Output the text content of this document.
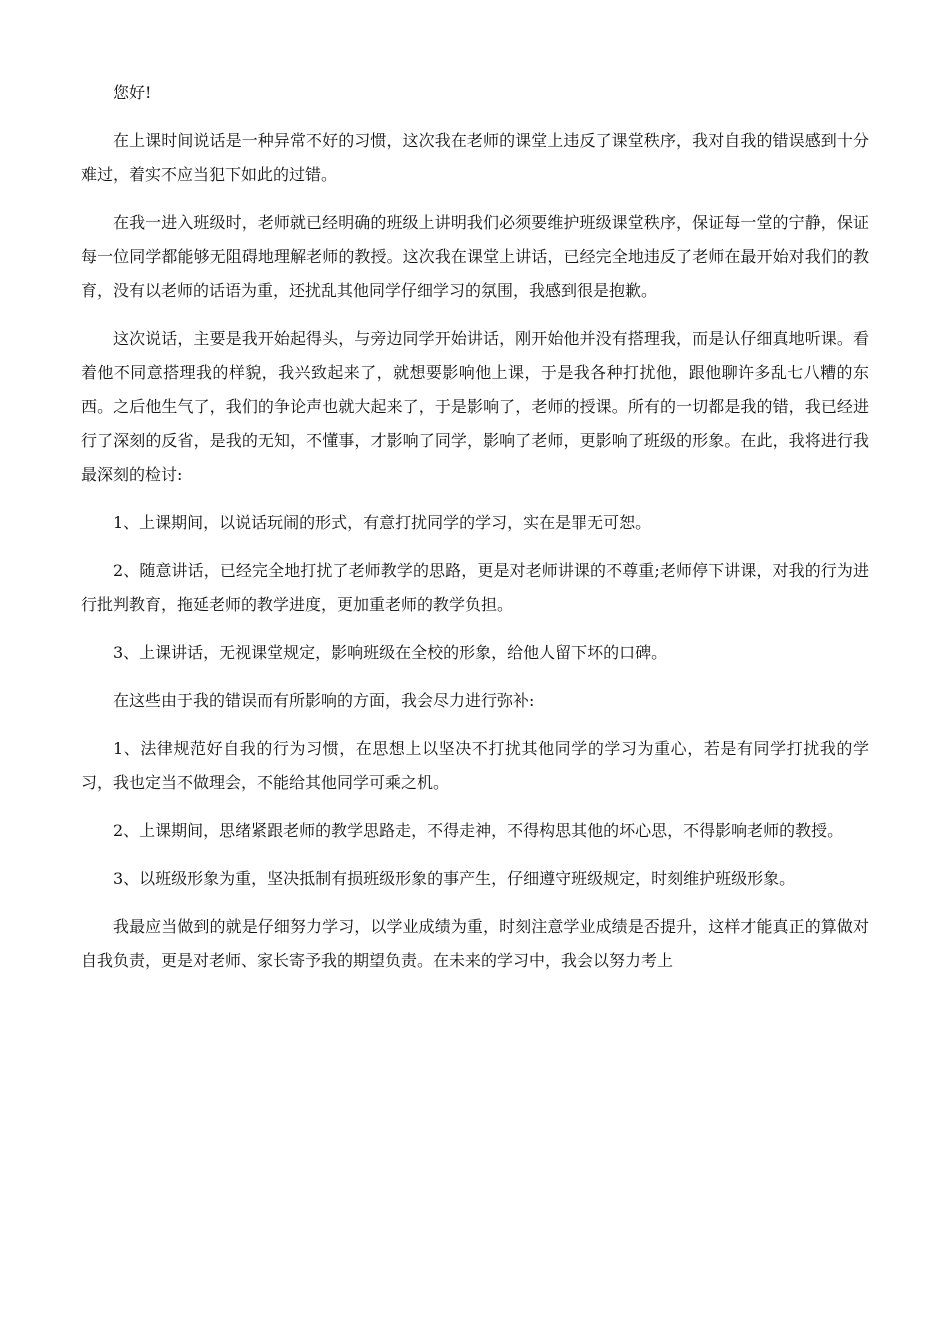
您好!

在上课时间说话是一种异常不好的习惯，这次我在老师的课堂上违反了课堂秩序，我对自我的错误感到十分难过，着实不应当犯下如此的过错。

在我一进入班级时，老师就已经明确的班级上讲明我们必须要维护班级课堂秩序，保证每一堂的宁静，保证每一位同学都能够无阻碍地理解老师的教授。这次我在课堂上讲话，已经完全地违反了老师在最开始对我们的教育，没有以老师的话语为重，还扰乱其他同学仔细学习的氛围，我感到很是抱歉。

这次说话，主要是我开始起得头，与旁边同学开始讲话，刚开始他并没有搭理我，而是认仔细真地听课。看着他不同意搭理我的样貌，我兴致起来了，就想要影响他上课，于是我各种打扰他，跟他聊许多乱七八糟的东西。之后他生气了，我们的争论声也就大起来了，于是影响了，老师的授课。所有的一切都是我的错，我已经进行了深刻的反省，是我的无知，不懂事，才影响了同学，影响了老师，更影响了班级的形象。在此，我将进行我最深刻的检讨:

1、上课期间，以说话玩闹的形式，有意打扰同学的学习，实在是罪无可恕。

2、随意讲话，已经完全地打扰了老师教学的思路，更是对老师讲课的不尊重;老师停下讲课，对我的行为进行批判教育，拖延老师的教学进度，更加重老师的教学负担。

3、上课讲话，无视课堂规定，影响班级在全校的形象，给他人留下坏的口碑。

在这些由于我的错误而有所影响的方面，我会尽力进行弥补:

1、法律规范好自我的行为习惯，在思想上以坚决不打扰其他同学的学习为重心，若是有同学打扰我的学习，我也定当不做理会，不能给其他同学可乘之机。

2、上课期间，思绪紧跟老师的教学思路走，不得走神，不得构思其他的坏心思，不得影响老师的教授。

3、以班级形象为重，坚决抵制有损班级形象的事产生，仔细遵守班级规定，时刻维护班级形象。

我最应当做到的就是仔细努力学习，以学业成绩为重，时刻注意学业成绩是否提升，这样才能真正的算做对自我负责，更是对老师、家长寄予我的期望负责。在未来的学习中，我会以努力考上
